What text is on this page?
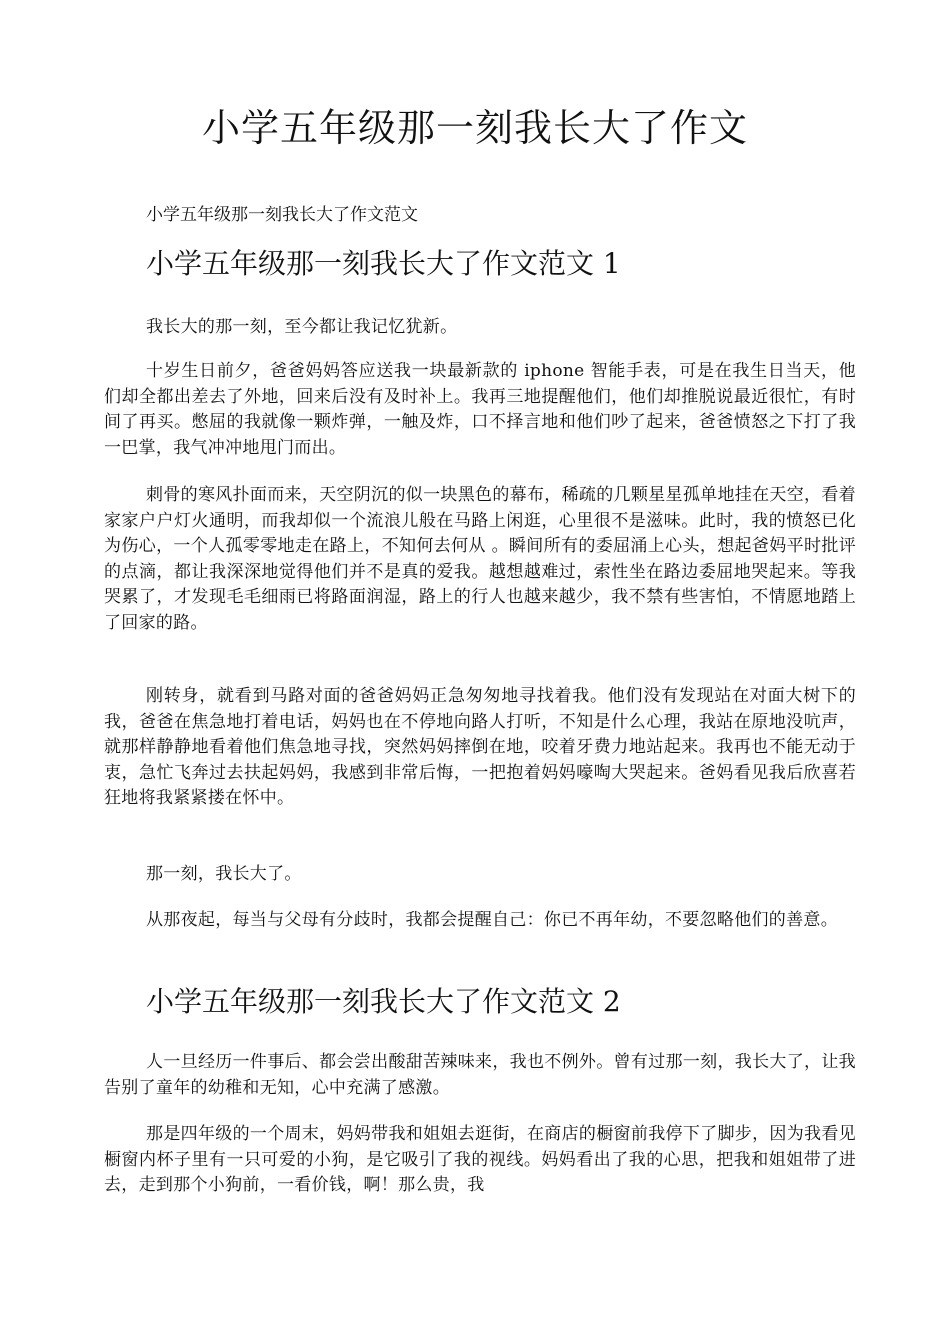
小学五年级那一刻我长大了作文

小学五年级那一刻我长大了作文范文

小学五年级那一刻我长大了作文范文 1

我长大的那一刻，至今都让我记忆犹新。

十岁生日前夕，爸爸妈妈答应送我一块最新款的 iphone 智能手表，可是在我生日当天，他们却全都出差去了外地，回来后没有及时补上。我再三地提醒他们，他们却推脱说最近很忙，有时间了再买。憋屈的我就像一颗炸弹，一触及炸，口不择言地和他们吵了起来，爸爸愤怒之下打了我一巴掌，我气冲冲地甩门而出。

刺骨的寒风扑面而来，天空阴沉的似一块黑色的幕布，稀疏的几颗星星孤单地挂在天空，看着家家户户灯火通明，而我却似一个流浪儿般在马路上闲逛，心里很不是滋味。此时，我的愤怒已化为伤心，一个人孤零零地走在路上，不知何去何从 。瞬间所有的委屈涌上心头，想起爸妈平时批评的点滴，都让我深深地觉得他们并不是真的爱我。越想越难过，索性坐在路边委屈地哭起来。等我哭累了，才发现毛毛细雨已将路面润湿，路上的行人也越来越少，我不禁有些害怕，不情愿地踏上了回家的路。

刚转身，就看到马路对面的爸爸妈妈正急匆匆地寻找着我。他们没有发现站在对面大树下的我，爸爸在焦急地打着电话，妈妈也在不停地向路人打听，不知是什么心理，我站在原地没吭声，就那样静静地看着他们焦急地寻找，突然妈妈摔倒在地，咬着牙费力地站起来。我再也不能无动于衷，急忙飞奔过去扶起妈妈，我感到非常后悔，一把抱着妈妈嚎啕大哭起来。爸妈看见我后欣喜若狂地将我紧紧搂在怀中。

那一刻，我长大了。

从那夜起，每当与父母有分歧时，我都会提醒自己：你已不再年幼，不要忽略他们的善意。

小学五年级那一刻我长大了作文范文 2

人一旦经历一件事后、都会尝出酸甜苦辣味来，我也不例外。曾有过那一刻，我长大了，让我告别了童年的幼稚和无知，心中充满了感激。

那是四年级的一个周末，妈妈带我和姐姐去逛街，在商店的橱窗前我停下了脚步，因为我看见橱窗内杯子里有一只可爱的小狗，是它吸引了我的视线。妈妈看出了我的心思，把我和姐姐带了进去，走到那个小狗前，一看价钱，啊！那么贵，我
